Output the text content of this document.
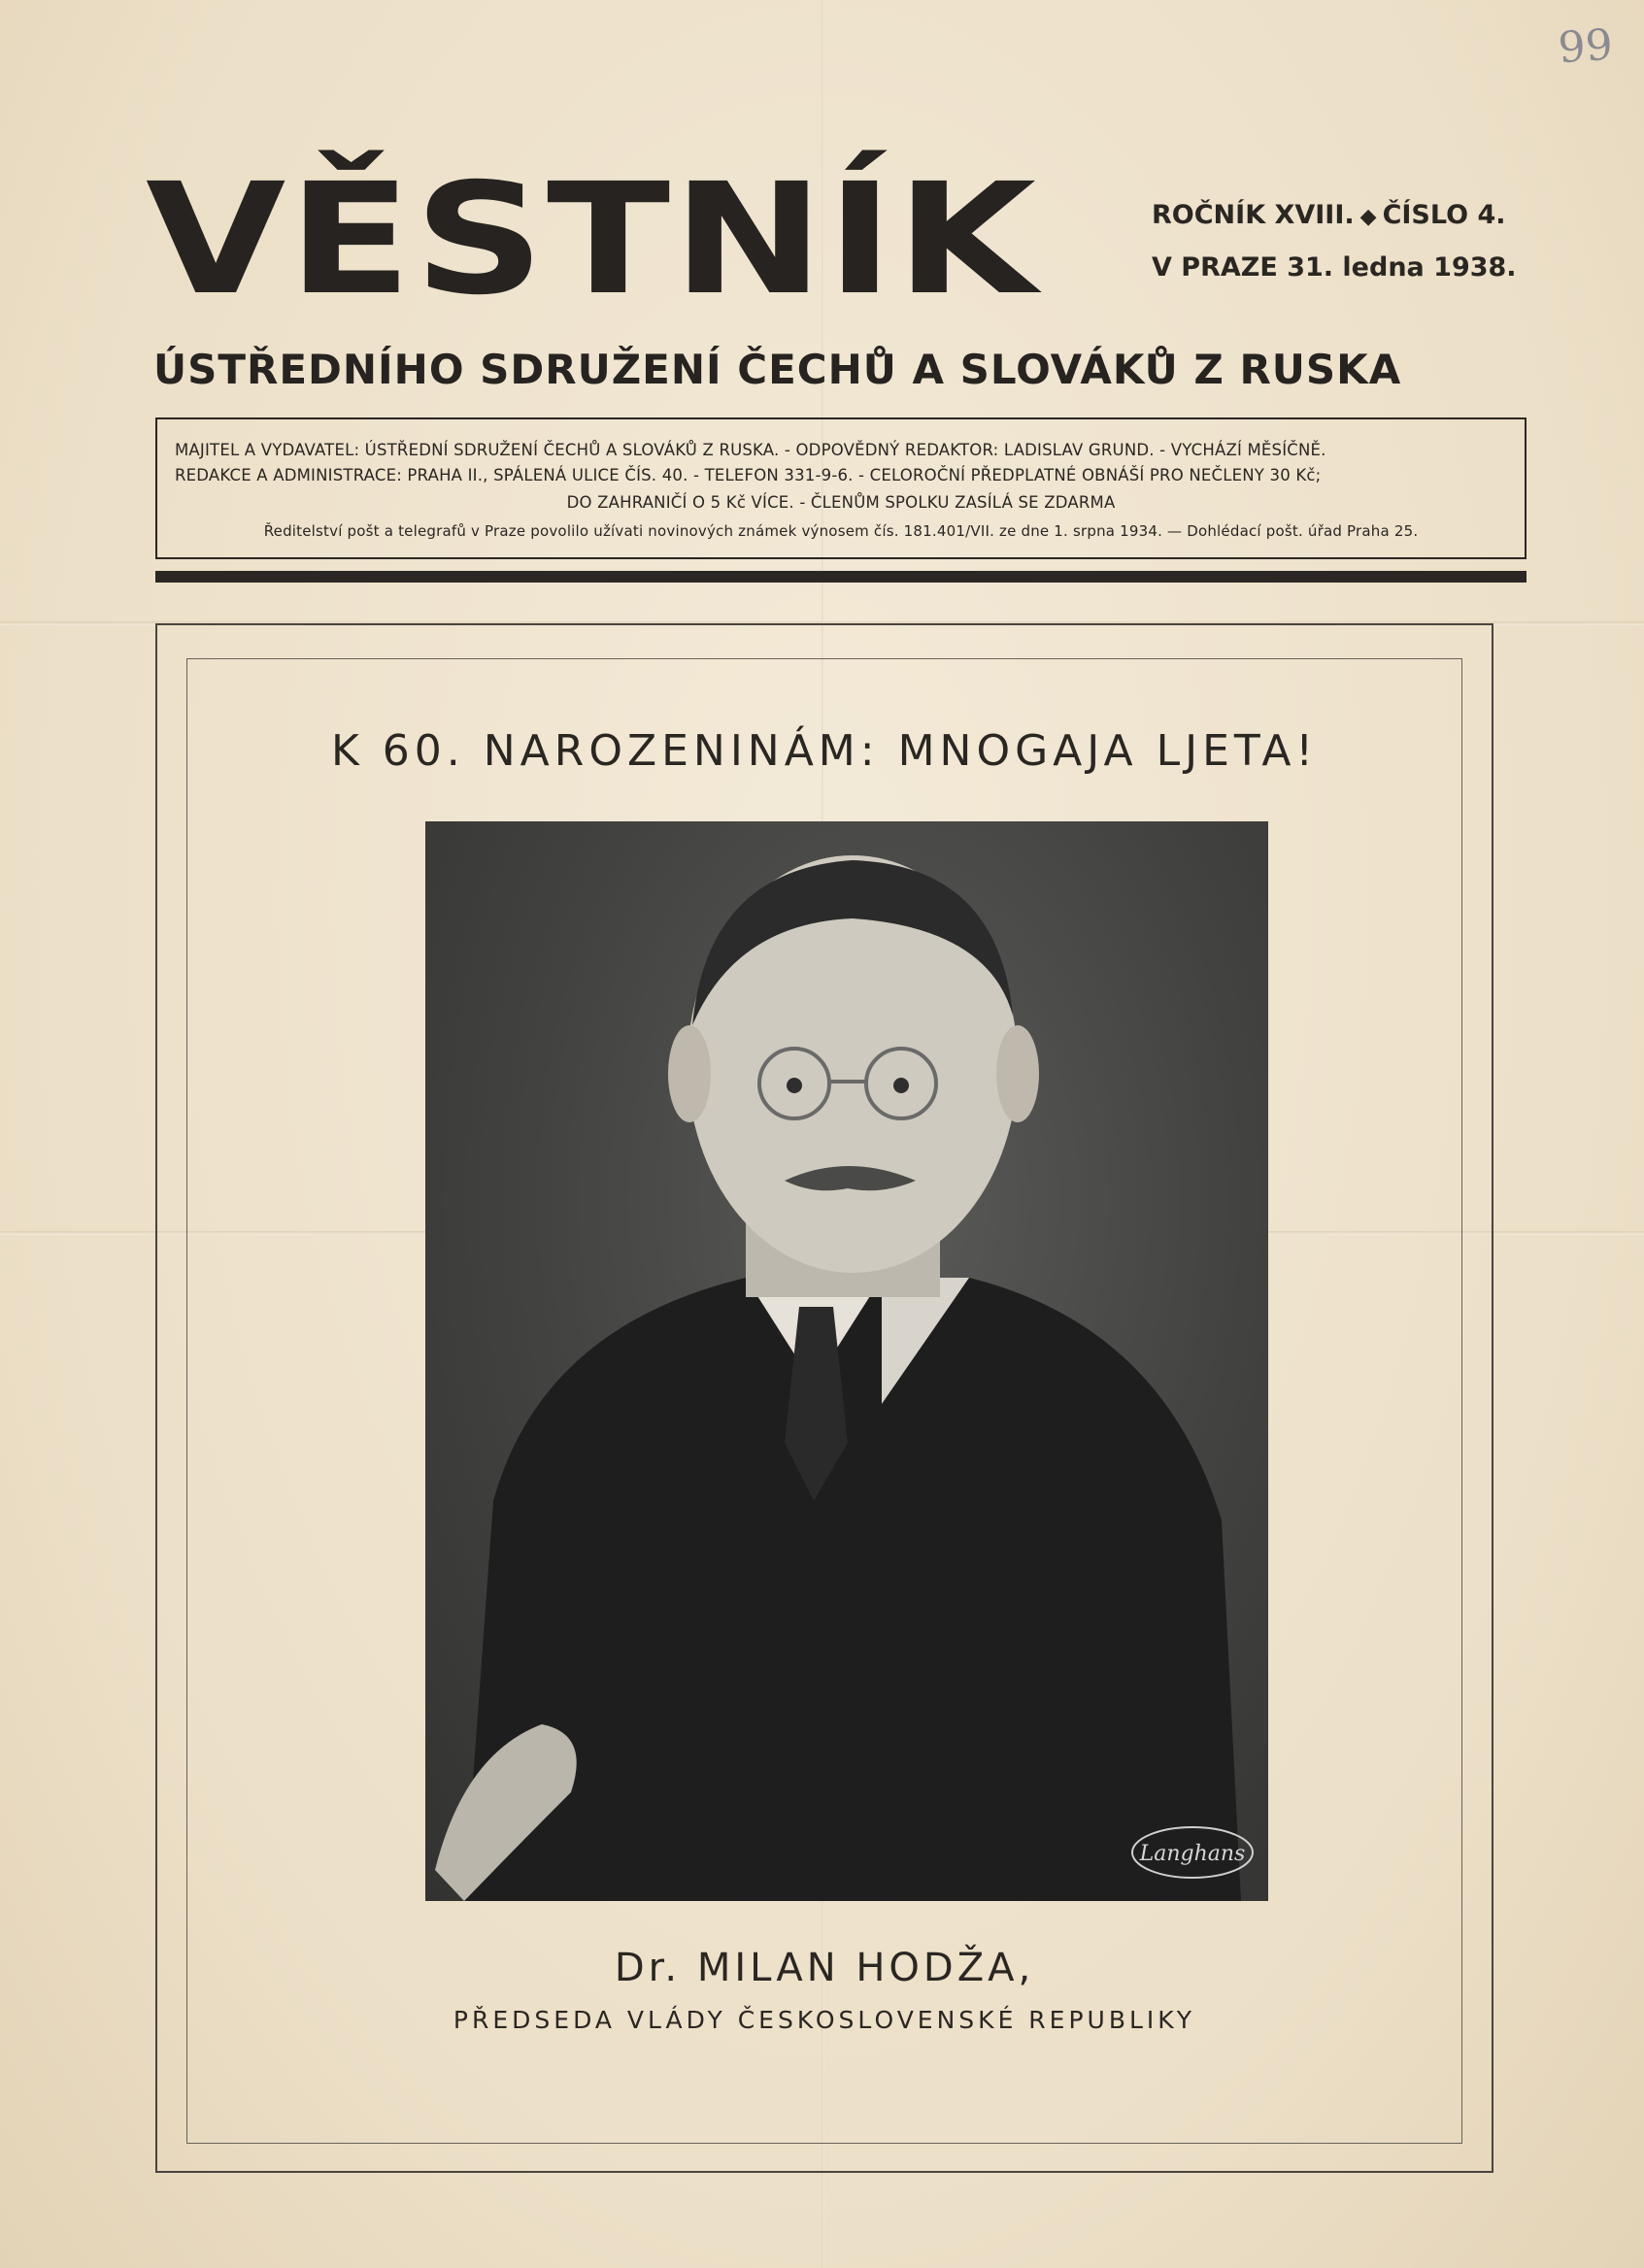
99
VĚSTNÍK	ROČNÍK XVIII. ◆ ČÍSLO 4.
V PRAZE 31. ledna 1938.
ÚSTŘEDNÍHO SDRUŽENÍ ČECHŮ A SLOVÁKŮ Z RUSKA
MAJITEL A VYDAVATEL: ÚSTŘEDNÍ SDRUŽENÍ ČECHŮ A SLOVÁKŮ Z RUSKA. - ODPOVĚDNÝ REDAKTOR: LADISLAV GRUND. - VYCHÁZÍ MĚSÍČNĚ.
REDAKCE A ADMINISTRACE: PRAHA II., SPÁLENÁ ULICE ČÍS. 40. - TELEFON 331-9-6. - CELOROČNÍ PŘEDPLATNÉ OBNÁŠÍ PRO NEČLENY 30 Kč;
DO ZAHRANIČÍ O 5 Kč VÍCE. - ČLENŮM SPOLKU ZASÍLÁ SE ZDARMA
Ředitelství pošt a telegrafů v Praze povolilo užívati novinových známek výnosem čís. 181.401/VII. ze dne 1. srpna 1934. — Dohlédací pošt. úřad Praha 25.
K 60. NAROZENINÁM: MNOGAJA LJETA!
Langhans
Dr. MILAN HODŽA,
PŘEDSEDA VLÁDY ČESKOSLOVENSKÉ REPUBLIKY
